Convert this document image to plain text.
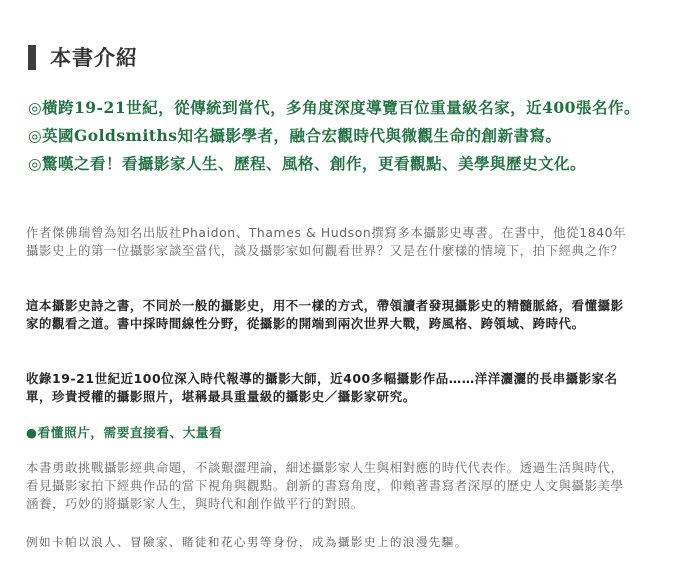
本書介紹

◎橫跨19-21世紀，從傳統到當代，多角度深度導覽百位重量級名家，近400張名作。

◎英國Goldsmiths知名攝影學者，融合宏觀時代與微觀生命的創新書寫。

◎驚嘆之看！看攝影家人生、歷程、風格、創作，更看觀點、美學與歷史文化。

作者傑佛瑞曾為知名出版社Phaidon、Thames & Hudson撰寫多本攝影史專書。在書中，他從1840年攝影史上的第一位攝影家談至當代，談及攝影家如何觀看世界？又是在什麼樣的情境下，拍下經典之作？

這本攝影史詩之書，不同於一般的攝影史，用不一樣的方式，帶領讀者發現攝影史的精髓脈絡，看懂攝影家的觀看之道。書中採時間線性分野，從攝影的開端到兩次世界大戰，跨風格、跨領域、跨時代。

收錄19-21世紀近100位深入時代報導的攝影大師，近400多幅攝影作品……洋洋灑灑的長串攝影家名單，珍貴授權的攝影照片，堪稱最具重量級的攝影史／攝影家研究。

●看懂照片，需要直接看、大量看

本書勇敢挑戰攝影經典命題，不談艱澀理論，細述攝影家人生與相對應的時代代表作。透過生活與時代，看見攝影家拍下經典作品的當下視角與觀點。創新的書寫角度，仰賴著書寫者深厚的歷史人文與攝影美學涵養，巧妙的將攝影家人生，與時代和創作做平行的對照。

例如卡帕以浪人、冒險家、賭徒和花心男等身份，成為攝影史上的浪漫先驅。
